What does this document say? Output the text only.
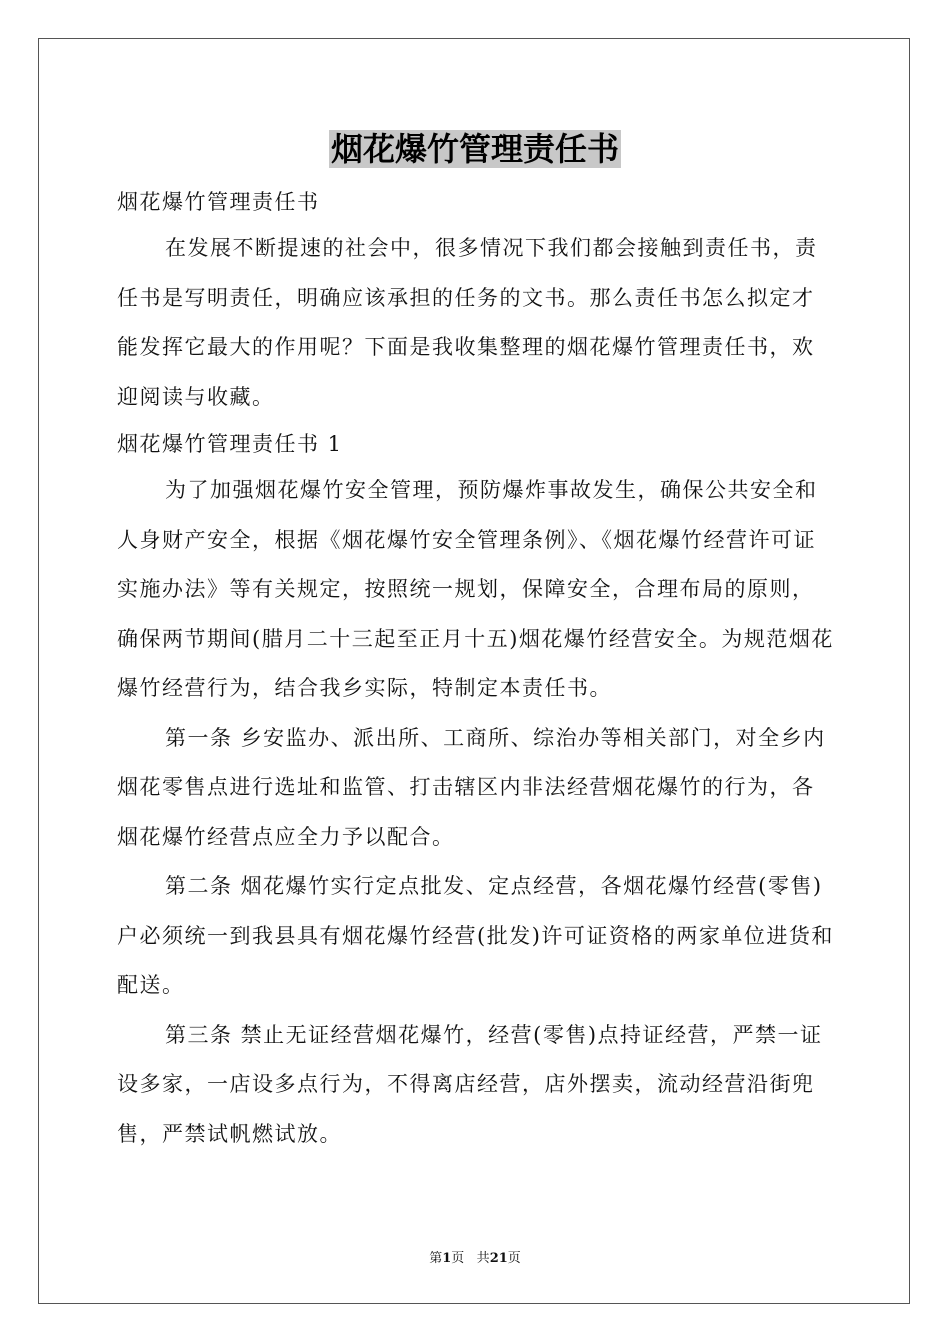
烟花爆竹管理责任书

烟花爆竹管理责任书

在发展不断提速的社会中，很多情况下我们都会接触到责任书，责任书是写明责任，明确应该承担的任务的文书。那么责任书怎么拟定才能发挥它最大的作用呢？下面是我收集整理的烟花爆竹管理责任书，欢迎阅读与收藏。

烟花爆竹管理责任书 1

为了加强烟花爆竹安全管理，预防爆炸事故发生，确保公共安全和人身财产安全，根据《烟花爆竹安全管理条例》、《烟花爆竹经营许可证实施办法》等有关规定，按照统一规划，保障安全，合理布局的原则，确保两节期间(腊月二十三起至正月十五)烟花爆竹经营安全。为规范烟花爆竹经营行为，结合我乡实际，特制定本责任书。

第一条 乡安监办、派出所、工商所、综治办等相关部门，对全乡内烟花零售点进行选址和监管、打击辖区内非法经营烟花爆竹的行为，各烟花爆竹经营点应全力予以配合。

第二条 烟花爆竹实行定点批发、定点经营，各烟花爆竹经营(零售)户必须统一到我县具有烟花爆竹经营(批发)许可证资格的两家单位进货和配送。

第三条 禁止无证经营烟花爆竹，经营(零售)点持证经营，严禁一证设多家，一店设多点行为，不得离店经营，店外摆卖，流动经营沿街兜售，严禁试帆燃试放。

第1页 共21页
